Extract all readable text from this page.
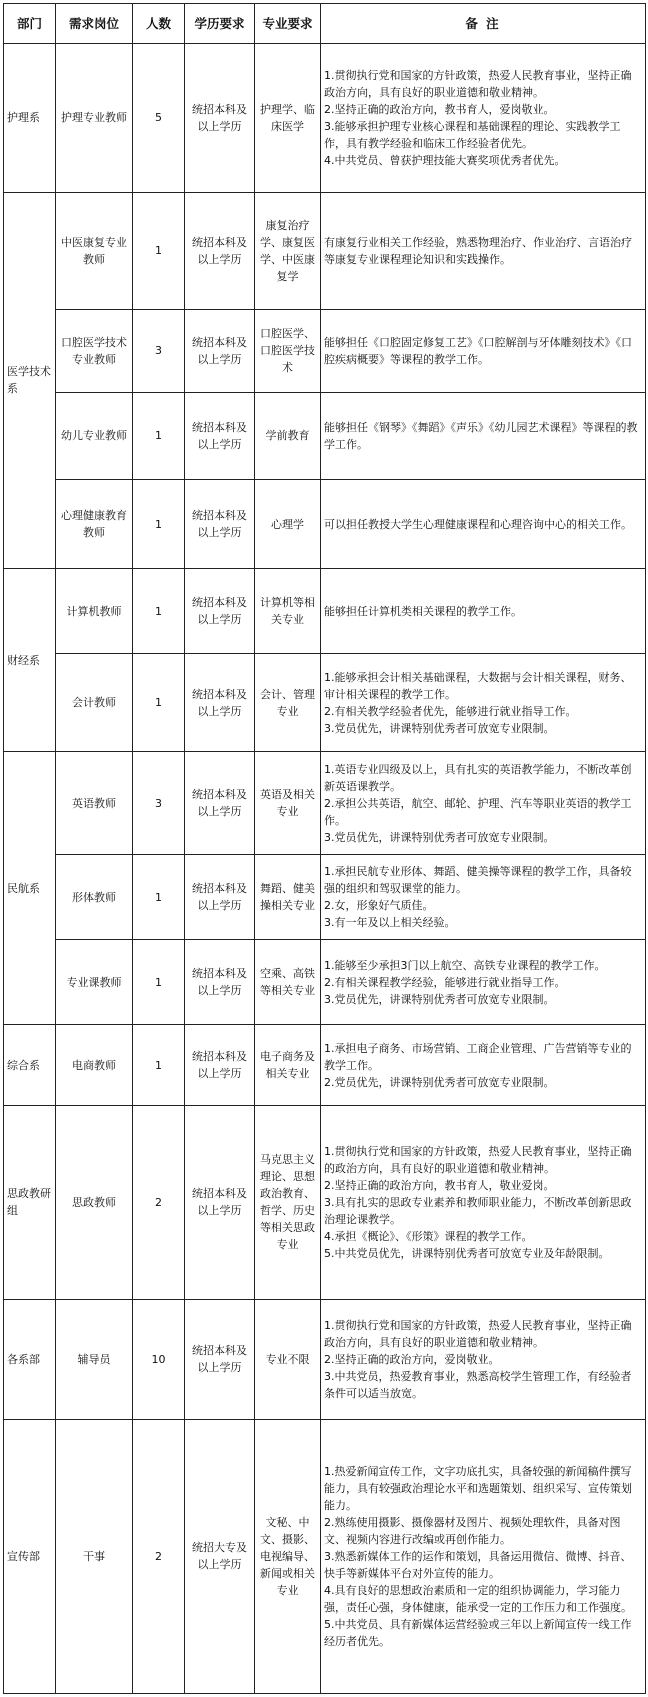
部门	需求岗位	人数	学历要求	专业要求	备 注
护理系	护理专业教师	5	统招本科及以上学历	护理学、临床医学	1.贯彻执行党和国家的方针政策，热爱人民教育事业，坚持正确政治方向，具有良好的职业道德和敬业精神。
2.坚持正确的政治方向，教书育人，爱岗敬业。
3.能够承担护理专业核心课程和基础课程的理论、实践教学工作，具有教学经验和临床工作经验者优先。
4.中共党员、曾获护理技能大赛奖项优秀者优先。

医学技术系	中医康复专业教师	1	统招本科及以上学历	康复治疗学、康复医学、中医康复学	有康复行业相关工作经验，熟悉物理治疗、作业治疗、言语治疗等康复专业课程理论知识和实践操作。

	口腔医学技术专业教师	3	统招本科及以上学历	口腔医学、口腔医学技术	能够担任《口腔固定修复工艺》《口腔解剖与牙体雕刻技术》《口腔疾病概要》等课程的教学工作。

	幼儿专业教师	1	统招本科及以上学历	学前教育	能够担任《钢琴》《舞蹈》《声乐》《幼儿园艺术课程》等课程的教学工作。

	心理健康教育教师	1	统招本科及以上学历	心理学	可以担任教授大学生心理健康课程和心理咨询中心的相关工作。

财经系	计算机教师	1	统招本科及以上学历	计算机等相关专业	能够担任计算机类相关课程的教学工作。

	会计教师	1	统招本科及以上学历	会计、管理专业	1.能够承担会计相关基础课程，大数据与会计相关课程，财务、审计相关课程的教学工作。
2.有相关教学经验者优先，能够进行就业指导工作。
3.党员优先，讲课特别优秀者可放宽专业限制。

民航系	英语教师	3	统招本科及以上学历	英语及相关专业	1.英语专业四级及以上，具有扎实的英语教学能力，不断改革创新英语课教学。
2.承担公共英语，航空、邮轮、护理、汽车等职业英语的教学工作。
3.党员优先，讲课特别优秀者可放宽专业限制。

	形体教师	1	统招本科及以上学历	舞蹈、健美操相关专业	1.承担民航专业形体、舞蹈、健美操等课程的教学工作，具备较强的组织和驾驭课堂的能力。
2.女，形象好气质佳。
3.有一年及以上相关经验。

	专业课教师	1	统招本科及以上学历	空乘、高铁等相关专业	1.能够至少承担3门以上航空、高铁专业课程的教学工作。
2.有相关课程教学经验，能够进行就业指导工作。
3.党员优先，讲课特别优秀者可放宽专业限制。

综合系	电商教师	1	统招本科及以上学历	电子商务及相关专业	1.承担电子商务、市场营销、工商企业管理、广告营销等专业的教学工作。
2.党员优先，讲课特别优秀者可放宽专业限制。

思政教研组	思政教师	2	统招本科及以上学历	马克思主义理论、思想政治教育、哲学、历史等相关思政专业	1.贯彻执行党和国家的方针政策，热爱人民教育事业，坚持正确的政治方向，具有良好的职业道德和敬业精神。
2.坚持正确的政治方向，教书育人，敬业爱岗。
3.具有扎实的思政专业素养和教师职业能力，不断改革创新思政治理论课教学。
4.承担《概论》、《形策》课程的教学工作。
5.中共党员优先，讲课特别优秀者可放宽专业及年龄限制。

各系部	辅导员	10	统招本科及以上学历	专业不限	1.贯彻执行党和国家的方针政策，热爱人民教育事业，坚持正确政治方向，具有良好的职业道德和敬业精神。
2.坚持正确的政治方向，爱岗敬业。
3.中共党员，热爱教育事业，熟悉高校学生管理工作，有经验者条件可以适当放宽。

宣传部	干事	2	统招大专及以上学历	文秘、中文、摄影、电视编导、新闻或相关专业	1.热爱新闻宣传工作，文字功底扎实，具备较强的新闻稿件撰写能力，具有较强政治理论水平和选题策划、组织采写、宣传策划能力。
2.熟练使用摄影、摄像器材及图片、视频处理软件，具备对图文、视频内容进行改编或再创作能力。
3.熟悉新媒体工作的运作和策划，具备运用微信、微博、抖音、快手等新媒体平台对外宣传的能力。
4.具有良好的思想政治素质和一定的组织协调能力，学习能力强，责任心强，身体健康，能承受一定的工作压力和工作强度。
5.中共党员、具有新媒体运营经验或三年以上新闻宣传一线工作经历者优先。
